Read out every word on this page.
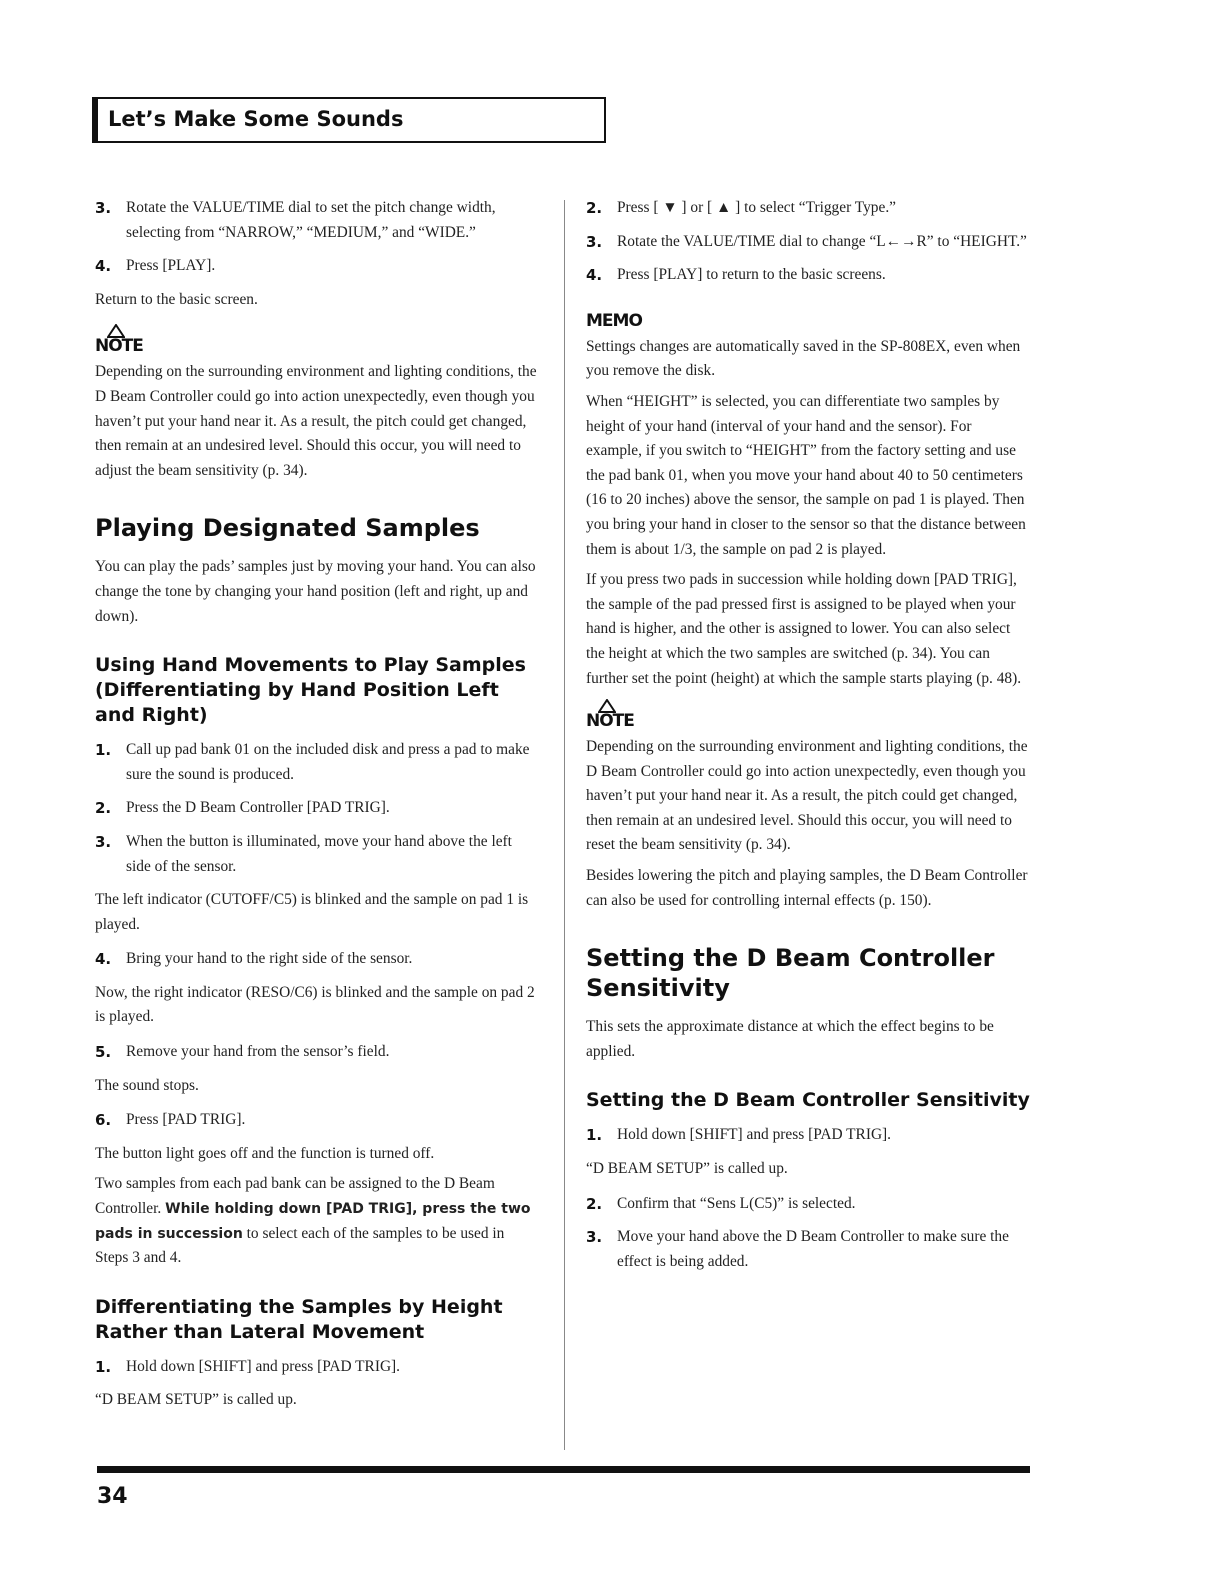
Let’s Make Some Sounds

3. Rotate the VALUE/TIME dial to set the pitch change width, selecting from “NARROW,” “MEDIUM,” and “WIDE.”

4. Press [PLAY].

Return to the basic screen.

NOTE

Depending on the surrounding environment and lighting conditions, the D Beam Controller could go into action unexpectedly, even though you haven’t put your hand near it. As a result, the pitch could get changed, then remain at an undesired level. Should this occur, you will need to adjust the beam sensitivity (p. 34).

Playing Designated Samples

You can play the pads’ samples just by moving your hand. You can also change the tone by changing your hand position (left and right, up and down).

Using Hand Movements to Play Samples (Differentiating by Hand Position Left and Right)

1. Call up pad bank 01 on the included disk and press a pad to make sure the sound is produced.

2. Press the D Beam Controller [PAD TRIG].

3. When the button is illuminated, move your hand above the left side of the sensor.

The left indicator (CUTOFF/C5) is blinked and the sample on pad 1 is played.

4. Bring your hand to the right side of the sensor.

Now, the right indicator (RESO/C6) is blinked and the sample on pad 2 is played.

5. Remove your hand from the sensor’s field.

The sound stops.

6. Press [PAD TRIG].

The button light goes off and the function is turned off.

Two samples from each pad bank can be assigned to the D Beam Controller. While holding down [PAD TRIG], press the two pads in succession to select each of the samples to be used in Steps 3 and 4.

Differentiating the Samples by Height Rather than Lateral Movement

1. Hold down [SHIFT] and press [PAD TRIG].

“D BEAM SETUP” is called up.

2. Press [ ▼ ] or [ ▲ ] to select “Trigger Type.”

3. Rotate the VALUE/TIME dial to change “L←→R” to “HEIGHT.”

4. Press [PLAY] to return to the basic screens.

MEMO

Settings changes are automatically saved in the SP-808EX, even when you remove the disk.

When “HEIGHT” is selected, you can differentiate two samples by height of your hand (interval of your hand and the sensor). For example, if you switch to “HEIGHT” from the factory setting and use the pad bank 01, when you move your hand about 40 to 50 centimeters (16 to 20 inches) above the sensor, the sample on pad 1 is played. Then you bring your hand in closer to the sensor so that the distance between them is about 1/3, the sample on pad 2 is played.

If you press two pads in succession while holding down [PAD TRIG], the sample of the pad pressed first is assigned to be played when your hand is higher, and the other is assigned to lower. You can also select the height at which the two samples are switched (p. 34). You can further set the point (height) at which the sample starts playing (p. 48).

NOTE

Depending on the surrounding environment and lighting conditions, the D Beam Controller could go into action unexpectedly, even though you haven’t put your hand near it. As a result, the pitch could get changed, then remain at an undesired level. Should this occur, you will need to reset the beam sensitivity (p. 34).

Besides lowering the pitch and playing samples, the D Beam Controller can also be used for controlling internal effects (p. 150).

Setting the D Beam Controller Sensitivity

This sets the approximate distance at which the effect begins to be applied.

Setting the D Beam Controller Sensitivity

1. Hold down [SHIFT] and press [PAD TRIG].

“D BEAM SETUP” is called up.

2. Confirm that “Sens L(C5)” is selected.

3. Move your hand above the D Beam Controller to make sure the effect is being added.

34
